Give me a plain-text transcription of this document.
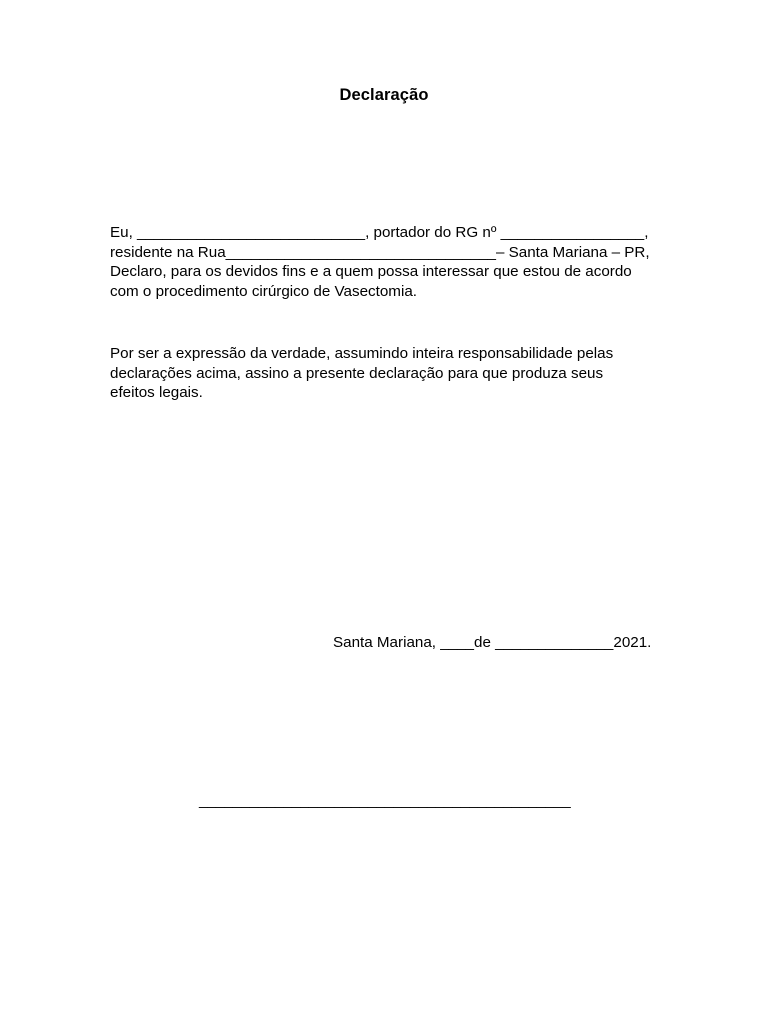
Declaração
Eu, ___________________________, portador do RG nº _________________,
residente na Rua________________________________– Santa Mariana – PR,
Declaro, para os devidos fins e a quem possa interessar que estou de acordo
com o procedimento cirúrgico de Vasectomia.
Por ser a expressão da verdade, assumindo inteira responsabilidade pelas
declarações acima, assino a presente declaração para que produza seus
efeitos legais.
Santa Mariana, ____de ______________2021.
____________________________________________
